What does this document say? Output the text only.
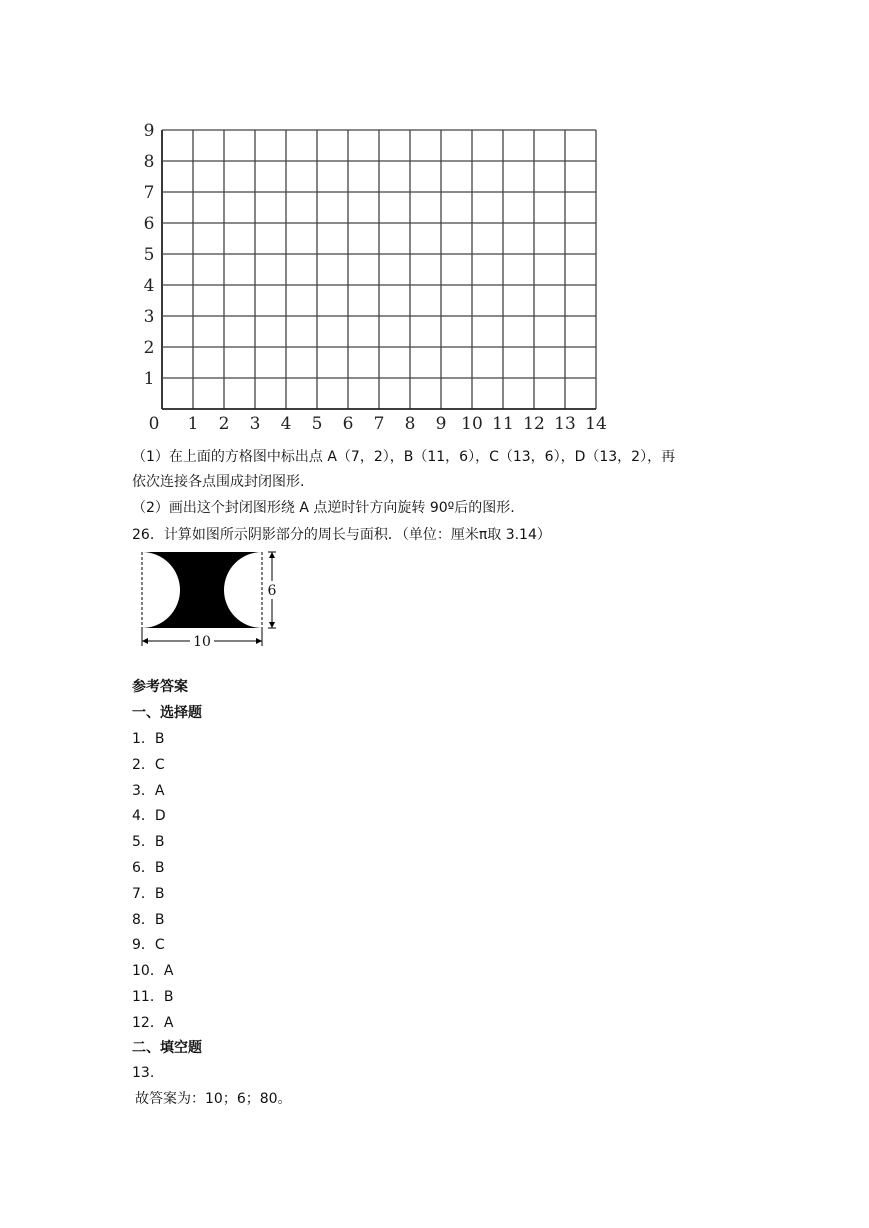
0 1 2 3 4 5 6 7 8 9 10 11 12 13 14
1
2
3
4
5
6
7
8
9
（1）在上面的方格图中标出点 A（7，2），B（11，6），C（13，6），D（13，2），再
依次连接各点围成封闭图形.
（2）画出这个封闭图形绕 A 点逆时针方向旋转 90º后的图形.
26．计算如图所示阴影部分的周长与面积．（单位：厘米π取 3.14）
10
6
参考答案
一、选择题
1．B
2．C
3．A
4．D
5．B
6．B
7．B
8．B
9．C
10．A
11．B
12．A
二、填空题
13.
故答案为：10；6；80。
